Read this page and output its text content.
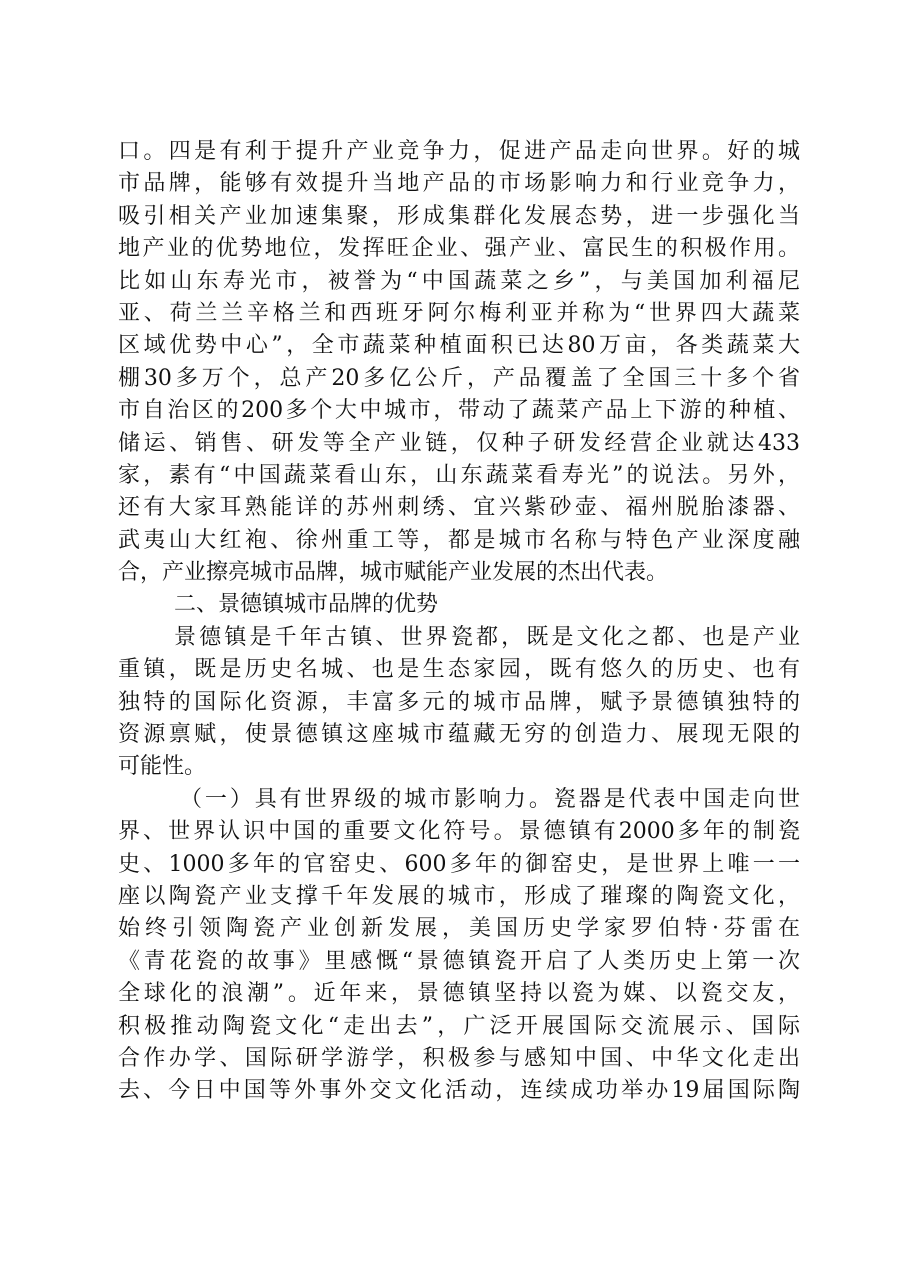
口。四是有利于提升产业竞争力，促进产品走向世界。好的城
市品牌，能够有效提升当地产品的市场影响力和行业竞争力，
吸引相关产业加速集聚，形成集群化发展态势，进一步强化当
地产业的优势地位，发挥旺企业、强产业、富民生的积极作用。
比如山东寿光市，被誉为“中国蔬菜之乡”，与美国加利福尼
亚、荷兰兰辛格兰和西班牙阿尔梅利亚并称为“世界四大蔬菜
区域优势中心”，全市蔬菜种植面积已达80万亩，各类蔬菜大
棚30多万个，总产20多亿公斤，产品覆盖了全国三十多个省
市自治区的200多个大中城市，带动了蔬菜产品上下游的种植、
储运、销售、研发等全产业链，仅种子研发经营企业就达433
家，素有“中国蔬菜看山东，山东蔬菜看寿光”的说法。另外，
还有大家耳熟能详的苏州刺绣、宜兴紫砂壶、福州脱胎漆器、
武夷山大红袍、徐州重工等，都是城市名称与特色产业深度融
合，产业擦亮城市品牌，城市赋能产业发展的杰出代表。
二、景德镇城市品牌的优势
景德镇是千年古镇、世界瓷都，既是文化之都、也是产业
重镇，既是历史名城、也是生态家园，既有悠久的历史、也有
独特的国际化资源，丰富多元的城市品牌，赋予景德镇独特的
资源禀赋，使景德镇这座城市蕴藏无穷的创造力、展现无限的
可能性。
（一）具有世界级的城市影响力。瓷器是代表中国走向世
界、世界认识中国的重要文化符号。景德镇有2000多年的制瓷
史、1000多年的官窑史、600多年的御窑史，是世界上唯一一
座以陶瓷产业支撑千年发展的城市，形成了璀璨的陶瓷文化，
始终引领陶瓷产业创新发展，美国历史学家罗伯特·芬雷在
《青花瓷的故事》里感慨“景德镇瓷开启了人类历史上第一次
全球化的浪潮”。近年来，景德镇坚持以瓷为媒、以瓷交友，
积极推动陶瓷文化“走出去”，广泛开展国际交流展示、国际
合作办学、国际研学游学，积极参与感知中国、中华文化走出
去、今日中国等外事外交文化活动，连续成功举办19届国际陶
